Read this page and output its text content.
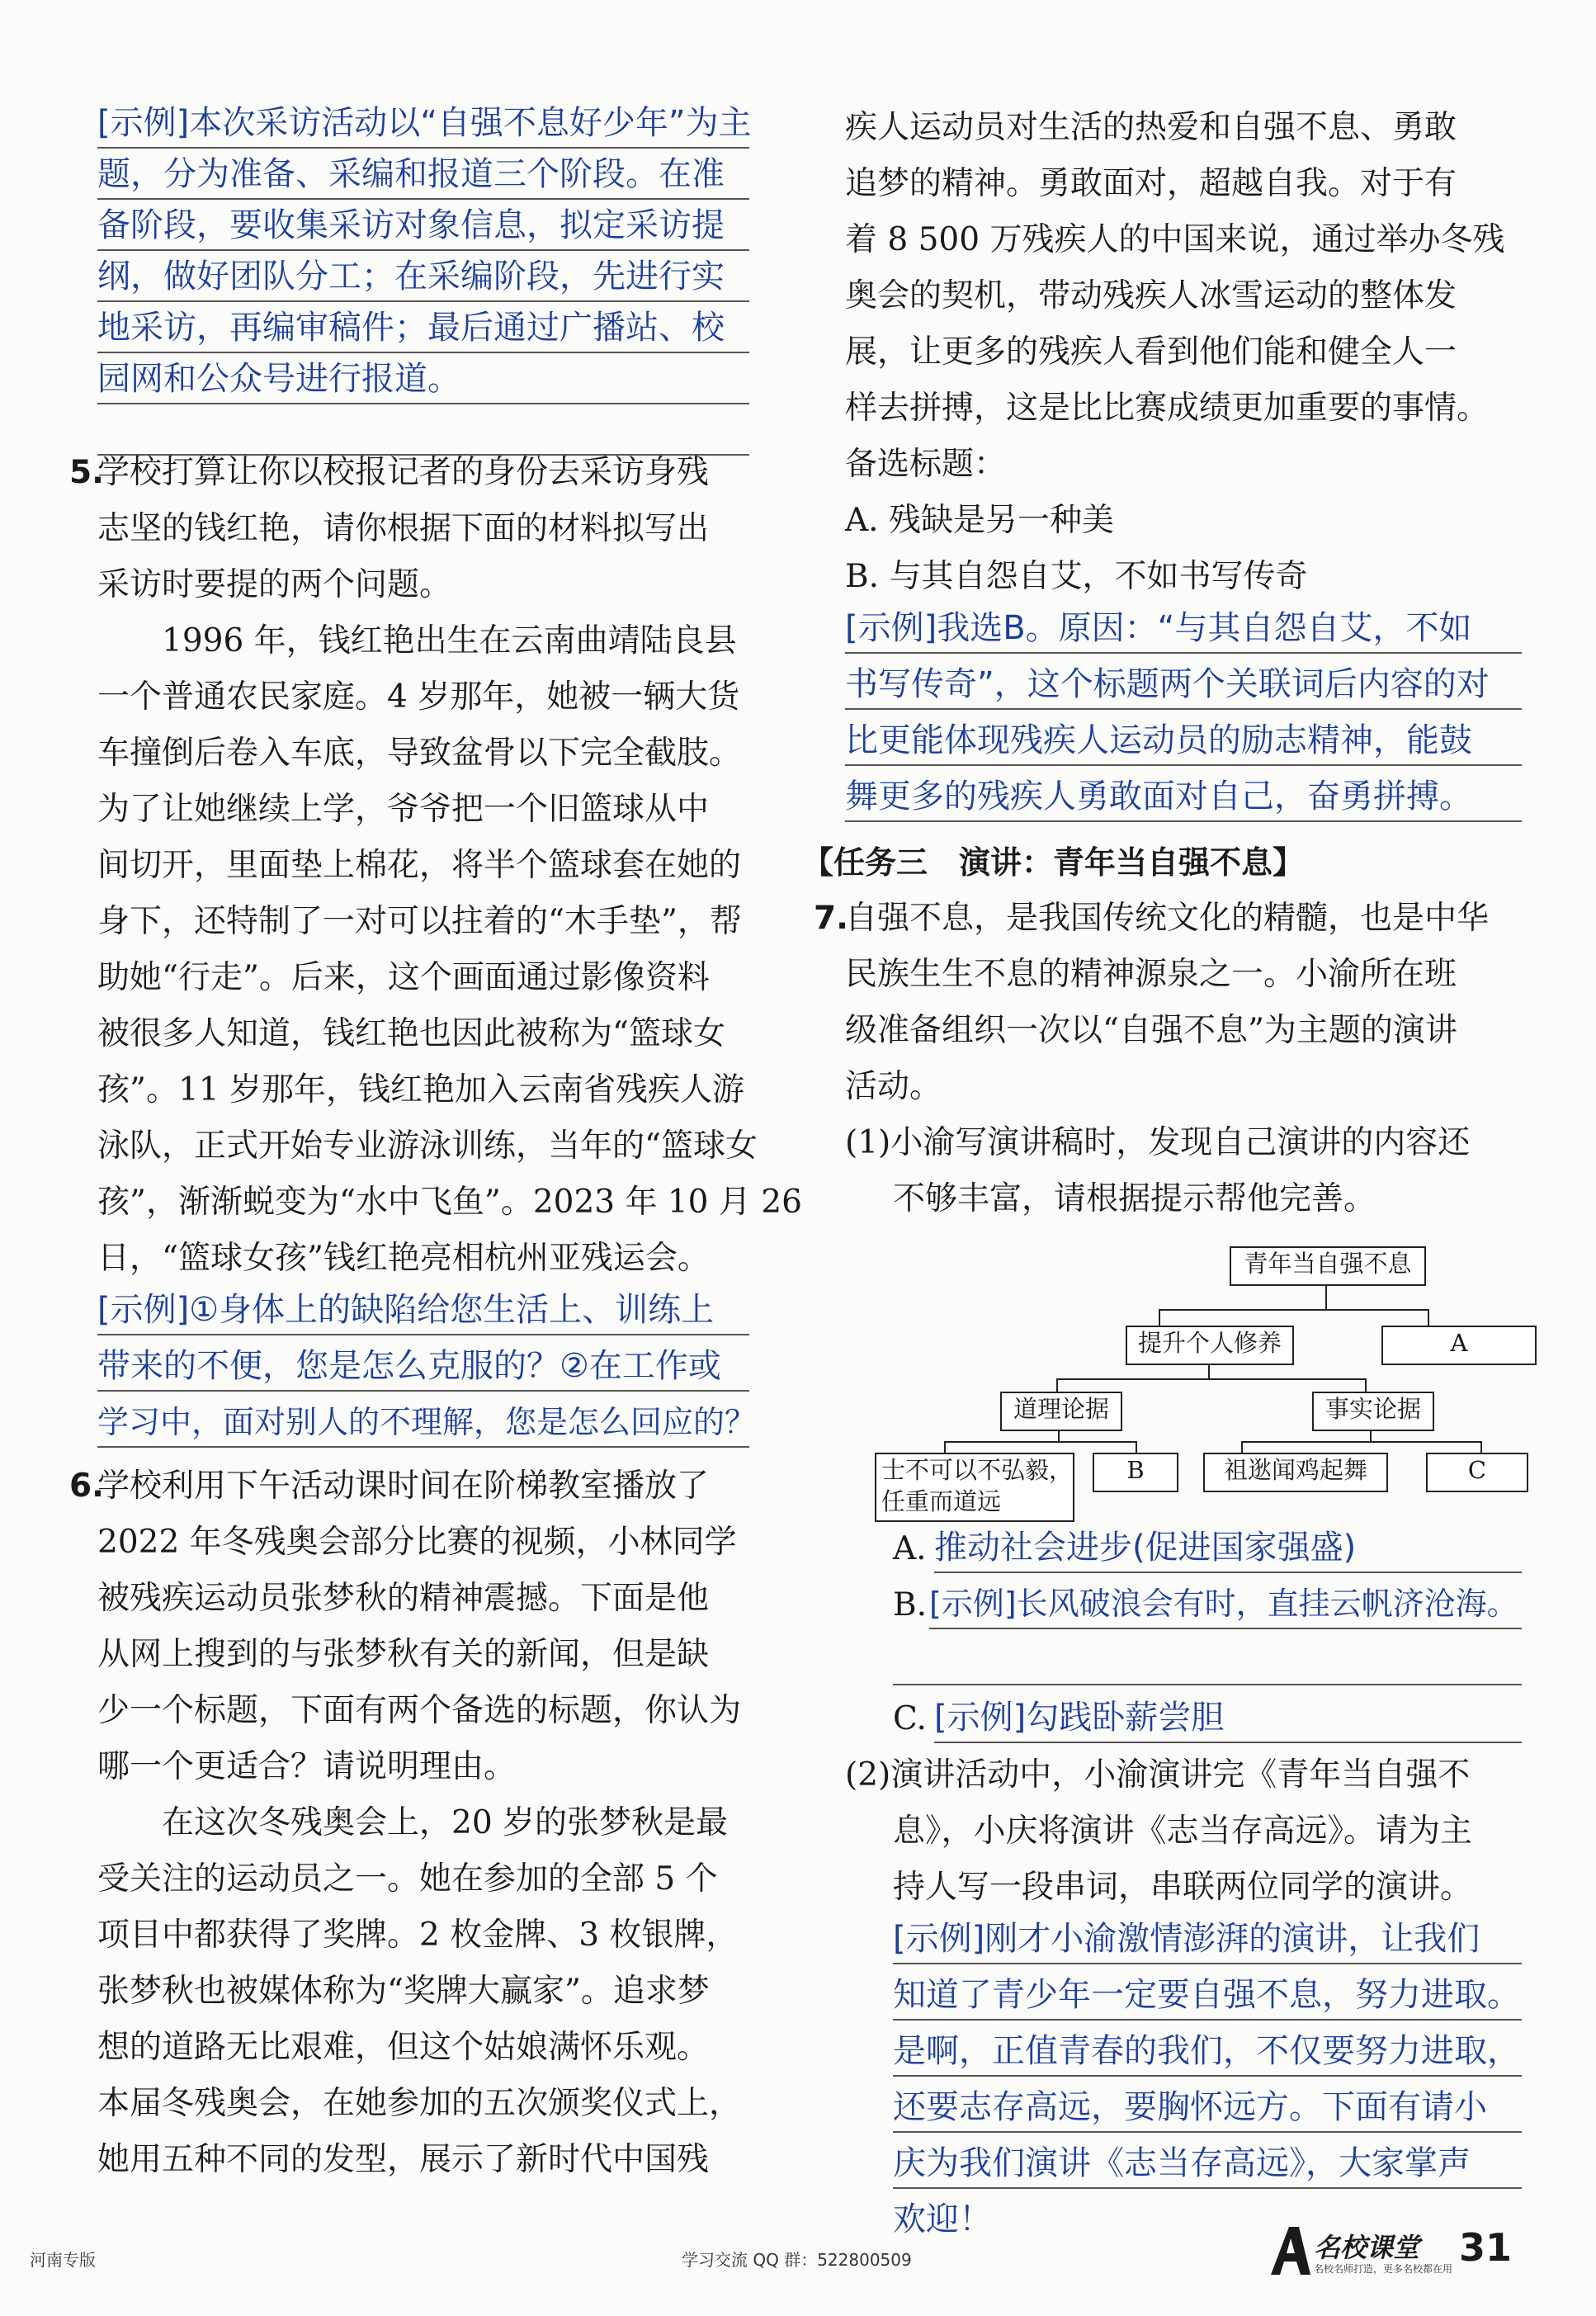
[示例]本次采访活动以“自强不息好少年”为主
题，分为准备、采编和报道三个阶段。在准
备阶段，要收集采访对象信息，拟定采访提
纲，做好团队分工；在采编阶段，先进行实
地采访，再编审稿件；最后通过广播站、校
园网和公众号进行报道。
5.
学校打算让你以校报记者的身份去采访身残
志坚的钱红艳，请你根据下面的材料拟写出
采访时要提的两个问题。
1996 年，钱红艳出生在云南曲靖陆良县
一个普通农民家庭。4 岁那年，她被一辆大货
车撞倒后卷入车底，导致盆骨以下完全截肢。
为了让她继续上学，爷爷把一个旧篮球从中
间切开，里面垫上棉花，将半个篮球套在她的
身下，还特制了一对可以拄着的“木手垫”，帮
助她“行走”。后来，这个画面通过影像资料
被很多人知道，钱红艳也因此被称为“篮球女
孩”。11 岁那年，钱红艳加入云南省残疾人游
泳队，正式开始专业游泳训练，当年的“篮球女
孩”，渐渐蜕变为“水中飞鱼”。2023 年 10 月 26
日，“篮球女孩”钱红艳亮相杭州亚残运会。
[示例]①身体上的缺陷给您生活上、训练上
带来的不便，您是怎么克服的？②在工作或
学习中，面对别人的不理解，您是怎么回应的？
6.
学校利用下午活动课时间在阶梯教室播放了
2022 年冬残奥会部分比赛的视频，小林同学
被残疾运动员张梦秋的精神震撼。下面是他
从网上搜到的与张梦秋有关的新闻，但是缺
少一个标题，下面有两个备选的标题，你认为
哪一个更适合？请说明理由。
在这次冬残奥会上，20 岁的张梦秋是最
受关注的运动员之一。她在参加的全部 5 个
项目中都获得了奖牌。2 枚金牌、3 枚银牌，
张梦秋也被媒体称为“奖牌大赢家”。追求梦
想的道路无比艰难，但这个姑娘满怀乐观。
本届冬残奥会，在她参加的五次颁奖仪式上，
她用五种不同的发型，展示了新时代中国残
疾人运动员对生活的热爱和自强不息、勇敢
追梦的精神。勇敢面对，超越自我。对于有
着 8 500 万残疾人的中国来说，通过举办冬残
奥会的契机，带动残疾人冰雪运动的整体发
展，让更多的残疾人看到他们能和健全人一
样去拼搏，这是比比赛成绩更加重要的事情。
备选标题：
A. 残缺是另一种美
B. 与其自怨自艾，不如书写传奇
[示例]我选B。原因：“与其自怨自艾，不如
书写传奇”，这个标题两个关联词后内容的对
比更能体现残疾人运动员的励志精神，能鼓
舞更多的残疾人勇敢面对自己，奋勇拼搏。
【任务三　演讲：青年当自强不息】
7.
自强不息，是我国传统文化的精髓，也是中华
民族生生不息的精神源泉之一。小渝所在班
级准备组织一次以“自强不息”为主题的演讲
活动。
(1)小渝写演讲稿时，发现自己演讲的内容还
不够丰富，请根据提示帮他完善。
青年当自强不息
提升个人修养	A
道理论据	事实论据
士不可以不弘毅，
任重而道远
B	祖逖闻鸡起舞	C
A. 推动社会进步(促进国家强盛)
B. [示例]长风破浪会有时，直挂云帆济沧海。
C. [示例]勾践卧薪尝胆
(2)演讲活动中，小渝演讲完《青年当自强不
息》，小庆将演讲《志当存高远》。请为主
持人写一段串词，串联两位同学的演讲。
[示例]刚才小渝激情澎湃的演讲，让我们
知道了青少年一定要自强不息，努力进取。
是啊，正值青春的我们，不仅要努力进取，
还要志存高远，要胸怀远方。下面有请小
庆为我们演讲《志当存高远》，大家掌声
欢迎！
河南专版	学习交流 QQ 群：522800509	名校课堂
名校名师打造，更多名校都在用 31
